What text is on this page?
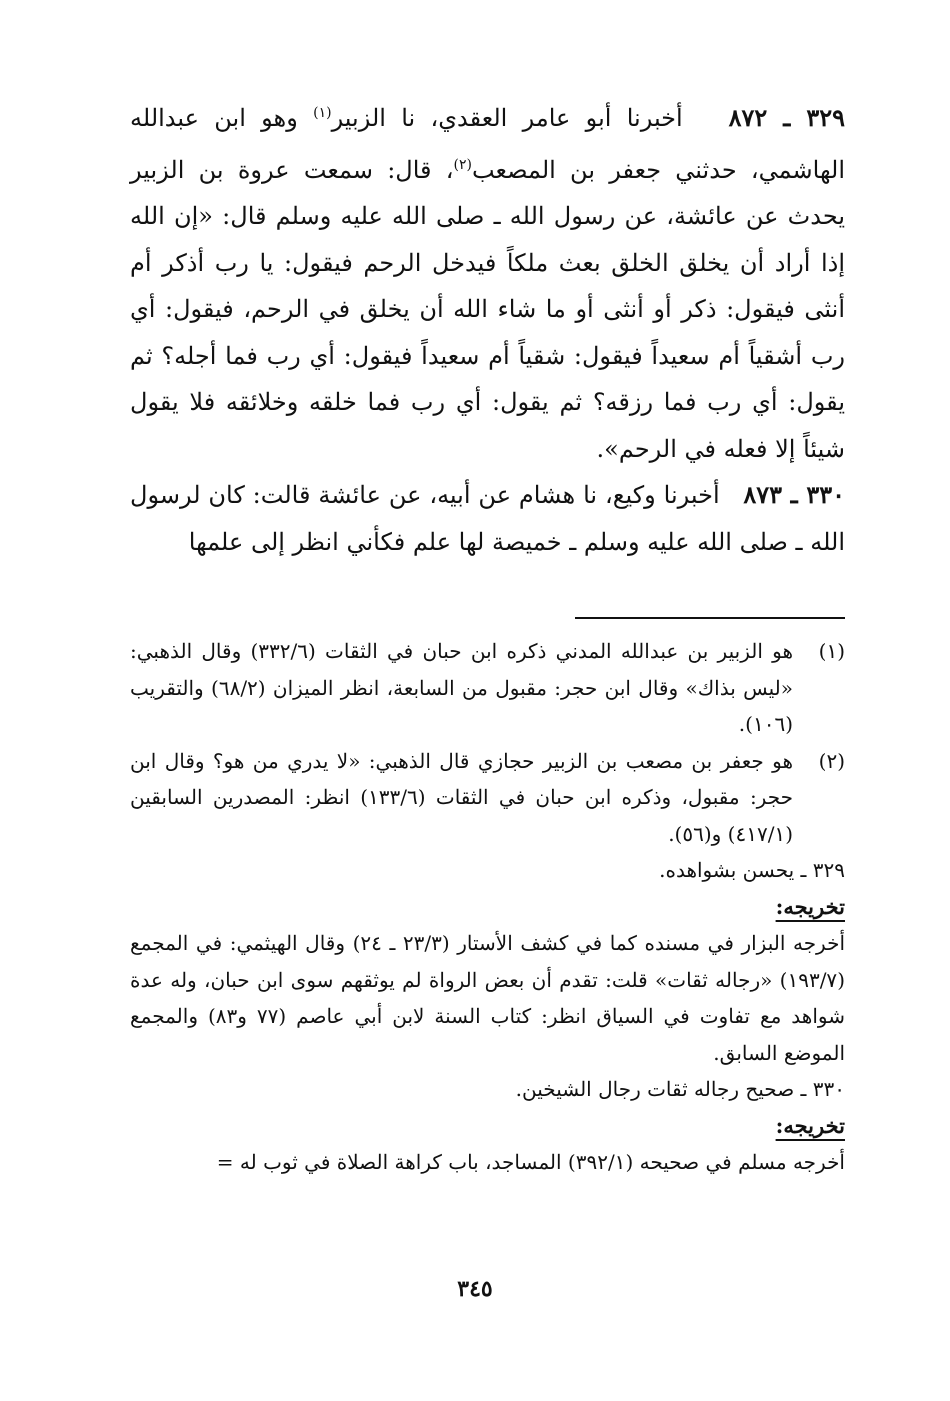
٣٢٩ ـ ٨٧٢   أخبرنا أبو عامر العقدي، نا الزبير$^{(١)}$ وهو ابن عبدالله الهاشمي، حدثني جعفر بن المصعب$^{(٢)}$، قال: سمعت عروة بن الزبير يحدث عن عائشة، عن رسول الله ـ صلى الله عليه وسلم قال: «إن الله إذا أراد أن يخلق الخلق بعث ملكاً فيدخل الرحم فيقول: يا رب أذكر أم أنثى فيقول: ذكر أو أنثى أو ما شاء الله أن يخلق في الرحم، فيقول: أي رب أشقياً أم سعيداً فيقول: شقياً أم سعيداً فيقول: أي رب فما أجله؟ ثم يقول: أي رب فما رزقه؟ ثم يقول: أي رب فما خلقه وخلائقه فلا يقول شيئاً إلا فعله في الرحم».

٣٣٠ ـ ٨٧٣   أخبرنا وكيع، نا هشام عن أبيه، عن عائشة قالت: كان لرسول الله ـ صلى الله عليه وسلم ـ خميصة لها علم فكأني انظر إلى علمها

(١)
هو الزبير بن عبدالله المدني ذكره ابن حبان في الثقات (٣٣٢/٦) وقال الذهبي: «ليس بذاك» وقال ابن حجر: مقبول من السابعة، انظر الميزان (٦٨/٢) والتقريب (١٠٦).
(٢)
هو جعفر بن مصعب بن الزبير حجازي قال الذهبي: «لا يدري من هو؟ وقال ابن حجر: مقبول، وذكره ابن حبان في الثقات (١٣٣/٦) انظر: المصدرين السابقين (٤١٧/١) و(٥٦).

٣٢٩ ـ يحسن بشواهده.

تخريجه:

أخرجه البزار في مسنده كما في كشف الأستار (٢٣/٣ ـ ٢٤) وقال الهيثمي: في المجمع (١٩٣/٧) «رجاله ثقات» قلت: تقدم أن بعض الرواة لم يوثقهم سوى ابن حبان، وله عدة شواهد مع تفاوت في السياق انظر: كتاب السنة لابن أبي عاصم (٧٧ و٨٣) والمجمع الموضع السابق.

٣٣٠ ـ صحيح رجاله ثقات رجال الشيخين.

تخريجه:

أخرجه مسلم في صحيحه (٣٩٢/١) المساجد، باب كراهة الصلاة في ثوب له =

٣٤٥
